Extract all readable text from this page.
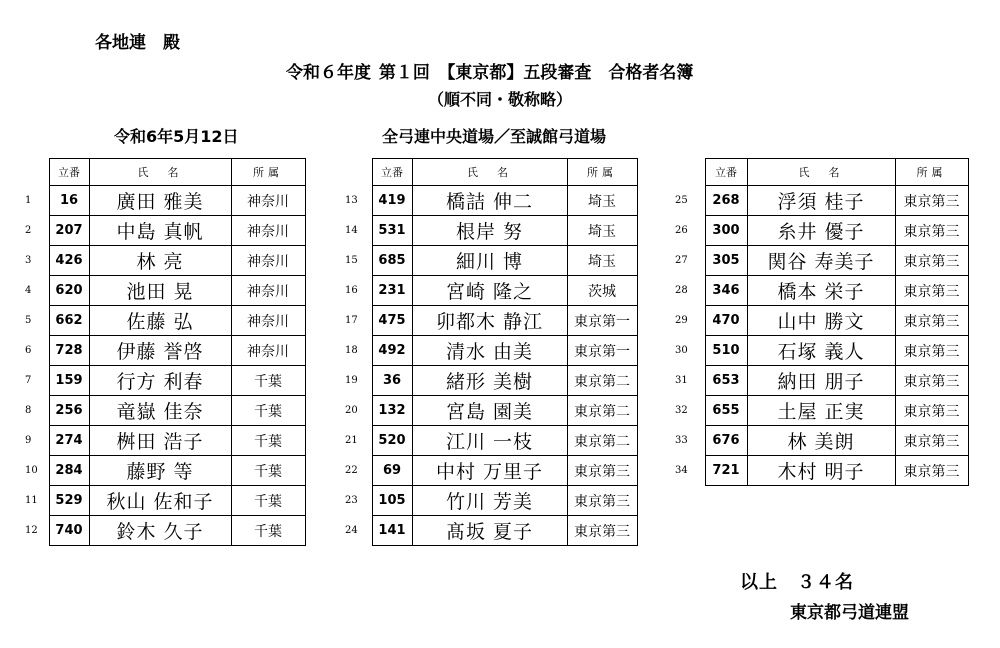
各地連　殿
令和６年度 第１回　【東京都】五段審査　合格者名簿
（順不同・敬称略）
令和6年5月12日	全弓連中央道場／至誠館弓道場
	立番	氏　名	所属
1	16	廣田 雅美	神奈川
2	207	中島 真帆	神奈川
3	426	林 亮	神奈川
4	620	池田 晃	神奈川
5	662	佐藤 弘	神奈川
6	728	伊藤 誉啓	神奈川
7	159	行方 利春	千葉
8	256	竜嶽 佳奈	千葉
9	274	桝田 浩子	千葉
10	284	藤野 等	千葉
11	529	秋山 佐和子	千葉
12	740	鈴木 久子	千葉
	立番	氏　名	所属
13	419	橋詰 伸二	埼玉
14	531	根岸 努	埼玉
15	685	細川 博	埼玉
16	231	宮崎 隆之	茨城
17	475	卯都木 静江	東京第一
18	492	清水 由美	東京第一
19	36	緒形 美樹	東京第二
20	132	宮島 園美	東京第二
21	520	江川 一枝	東京第二
22	69	中村 万里子	東京第三
23	105	竹川 芳美	東京第三
24	141	髙坂 夏子	東京第三
	立番	氏　名	所属
25	268	浮須 桂子	東京第三
26	300	糸井 優子	東京第三
27	305	関谷 寿美子	東京第三
28	346	橋本 栄子	東京第三
29	470	山中 勝文	東京第三
30	510	石塚 義人	東京第三
31	653	納田 朋子	東京第三
32	655	土屋 正実	東京第三
33	676	林 美朗	東京第三
34	721	木村 明子	東京第三
以上　３４名
東京都弓道連盟
